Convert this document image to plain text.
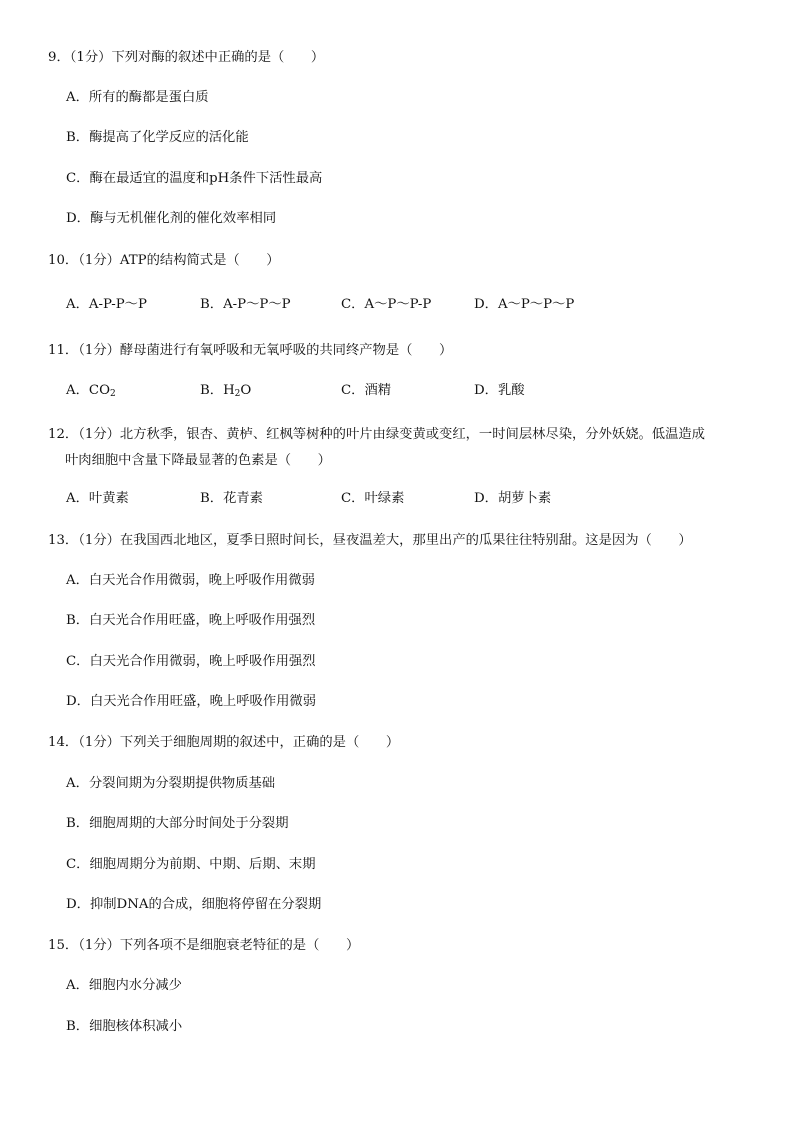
9．（1分）下列对酶的叙述中正确的是（　　）
A．所有的酶都是蛋白质
B．酶提高了化学反应的活化能
C．酶在最适宜的温度和pH条件下活性最高
D．酶与无机催化剂的催化效率相同
10．（1分）ATP的结构简式是（　　）
A．A-P-P～P	B．A-P～P～P	C．A～P～P-P	D．A～P～P～P
11．（1分）酵母菌进行有氧呼吸和无氧呼吸的共同终产物是（　　）
A．$CO_2$	B．$H_2O$	C．酒精	D．乳酸
12．（1分）北方秋季，银杏、黄栌、红枫等树种的叶片由绿变黄或变红，一时间层林尽染，分外妖娆。低温造成
叶肉细胞中含量下降最显著的色素是（　　）
A．叶黄素	B．花青素	C．叶绿素	D．胡萝卜素
13．（1分）在我国西北地区，夏季日照时间长，昼夜温差大，那里出产的瓜果往往特别甜。这是因为（　　）
A．白天光合作用微弱，晚上呼吸作用微弱
B．白天光合作用旺盛，晚上呼吸作用强烈
C．白天光合作用微弱，晚上呼吸作用强烈
D．白天光合作用旺盛，晚上呼吸作用微弱
14．（1分）下列关于细胞周期的叙述中，正确的是（　　）
A．分裂间期为分裂期提供物质基础
B．细胞周期的大部分时间处于分裂期
C．细胞周期分为前期、中期、后期、末期
D．抑制DNA的合成，细胞将停留在分裂期
15．（1分）下列各项不是细胞衰老特征的是（　　）
A．细胞内水分减少
B．细胞核体积减小
